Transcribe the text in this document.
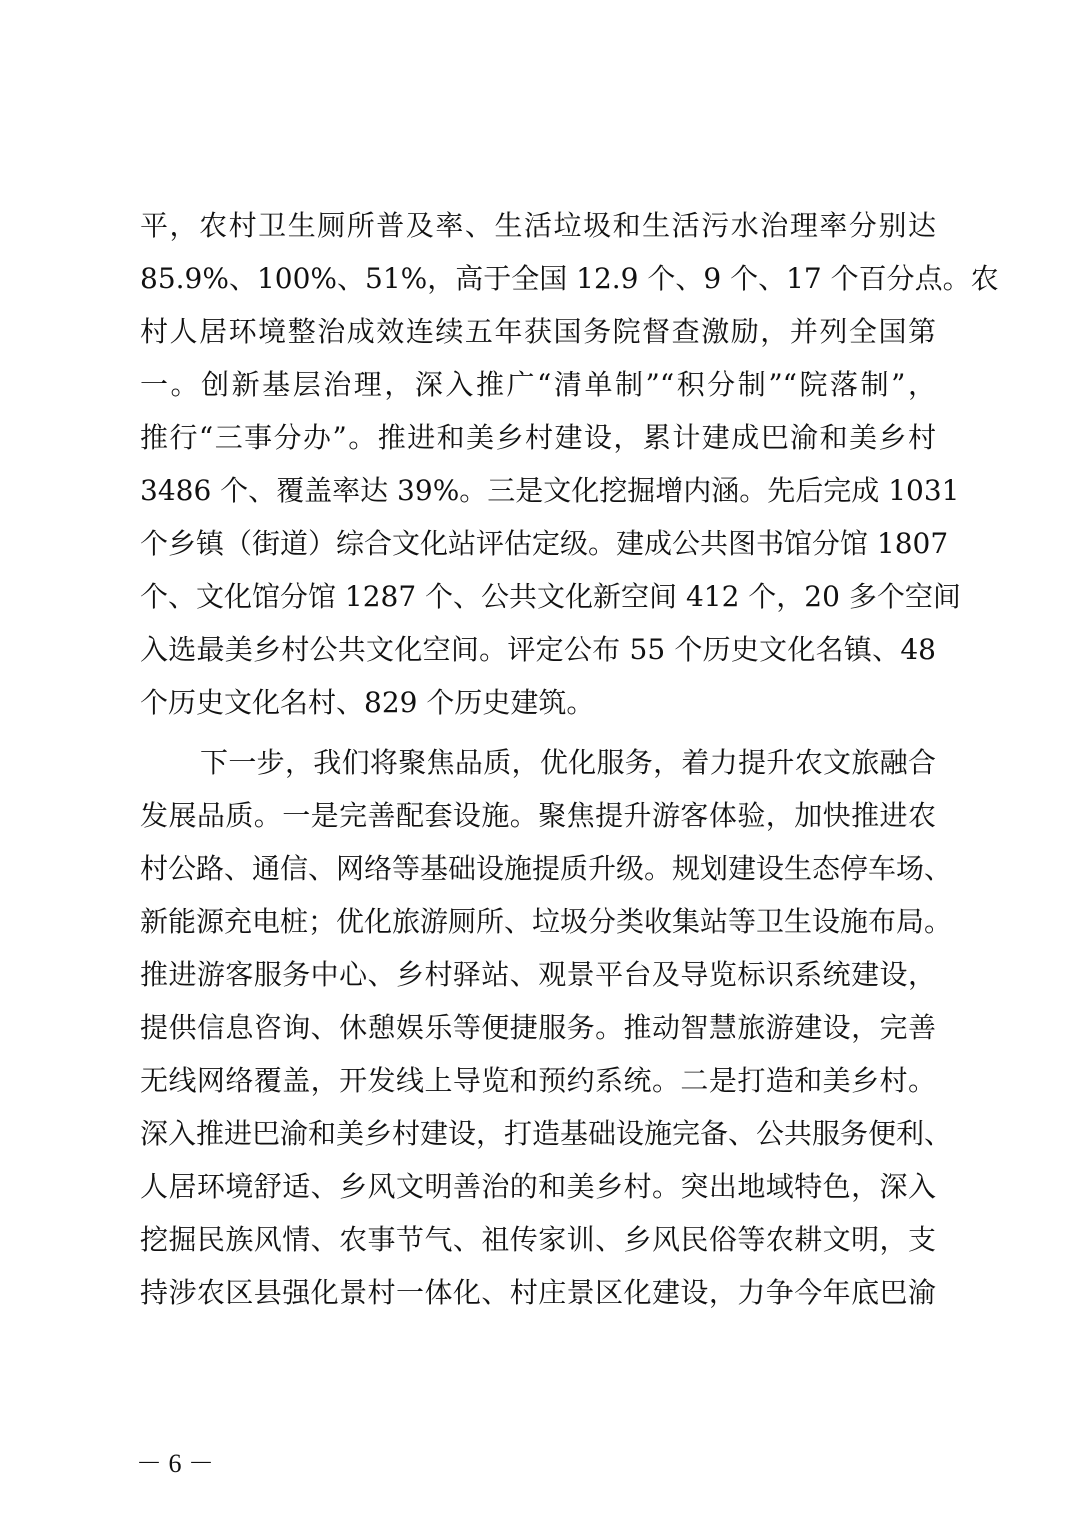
平，农村卫生厕所普及率、生活垃圾和生活污水治理率分别达
85.9%、100%、51%，高于全国 12.9 个、9 个、17 个百分点。农
村人居环境整治成效连续五年获国务院督查激励，并列全国第
一。创新基层治理，深入推广“清单制”“积分制”“院落制”，
推行“三事分办”。推进和美乡村建设，累计建成巴渝和美乡村
3486 个、覆盖率达 39%。三是文化挖掘增内涵。先后完成 1031
个乡镇（街道）综合文化站评估定级。建成公共图书馆分馆 1807
个、文化馆分馆 1287 个、公共文化新空间 412 个，20 多个空间
入选最美乡村公共文化空间。评定公布 55 个历史文化名镇、48
个历史文化名村、829 个历史建筑。
下一步，我们将聚焦品质，优化服务，着力提升农文旅融合
发展品质。一是完善配套设施。聚焦提升游客体验，加快推进农
村公路、通信、网络等基础设施提质升级。规划建设生态停车场、
新能源充电桩；优化旅游厕所、垃圾分类收集站等卫生设施布局。
推进游客服务中心、乡村驿站、观景平台及导览标识系统建设，
提供信息咨询、休憩娱乐等便捷服务。推动智慧旅游建设，完善
无线网络覆盖，开发线上导览和预约系统。二是打造和美乡村。
深入推进巴渝和美乡村建设，打造基础设施完备、公共服务便利、
人居环境舒适、乡风文明善治的和美乡村。突出地域特色，深入
挖掘民族风情、农事节气、祖传家训、乡风民俗等农耕文明，支
持涉农区县强化景村一体化、村庄景区化建设，力争今年底巴渝
－ 6 －
